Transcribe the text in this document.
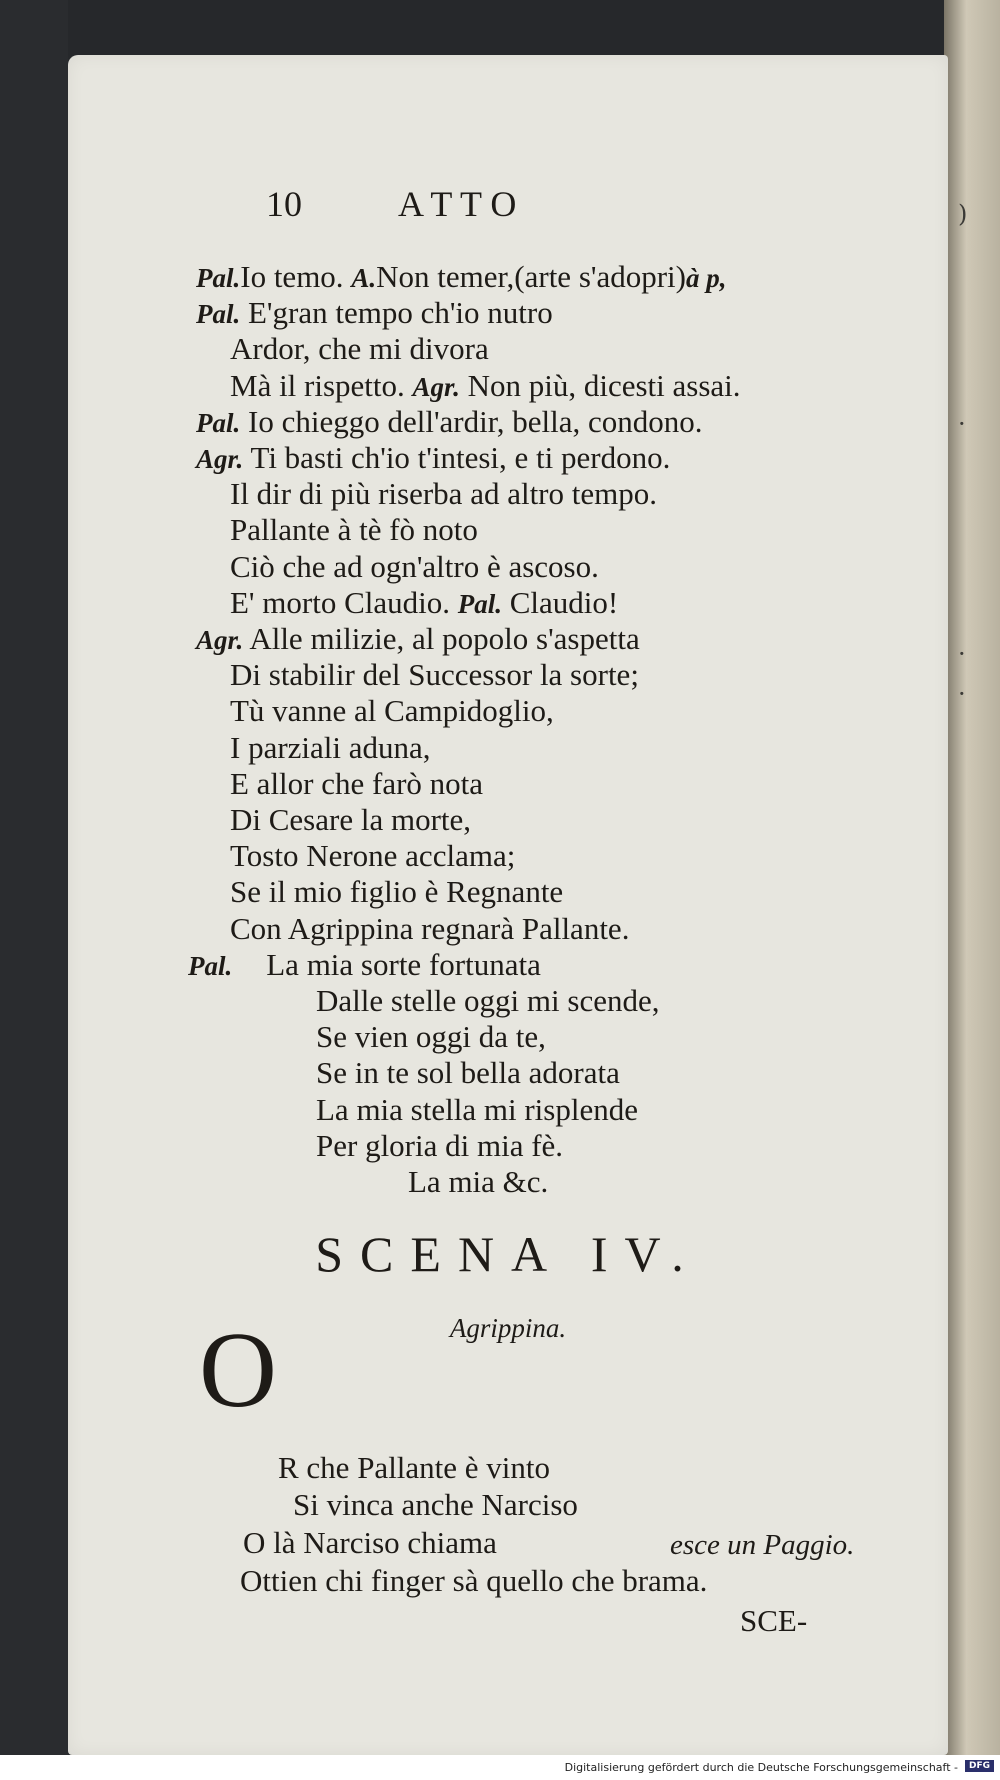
)
·
·
·
10	A T T O
Pal.Io temo. A.Non temer,(arte s'adopri)à p,
Pal. E'gran tempo ch'io nutro
Ardor, che mi divora
Mà il rispetto. Agr. Non più, dicesti assai.
Pal. Io chieggo dell'ardir, bella, condono.
Agr. Ti basti ch'io t'intesi, e ti perdono.
Il dir di più riserba ad altro tempo.
Pallante à tè fò noto
Ciò che ad ogn'altro è ascoso.
E' morto Claudio. Pal. Claudio!
Agr. Alle milizie, al popolo s'aspetta
Di stabilir del Successor la sorte;
Tù vanne al Campidoglio,
I parziali aduna,
E allor che farò nota
Di Cesare la morte,
Tosto Nerone acclama;
Se il mio figlio è Regnante
Con Agrippina regnarà Pallante.
Pal. La mia sorte fortunata
Dalle stelle oggi mi scende,
Se vien oggi da te,
Se in te sol bella adorata
La mia stella mi risplende
Per gloria di mia fè.
La mia &c.
SCENA IV.
Agrippina.
O
R che Pallante è vinto
Si vinca anche Narciso
O là Narciso chiama	esce un Paggio.
Ottien chi finger sà quello che brama.
SCE-
Digitalisierung gefördert durch die Deutsche Forschungsgemeinschaft -	DFG
